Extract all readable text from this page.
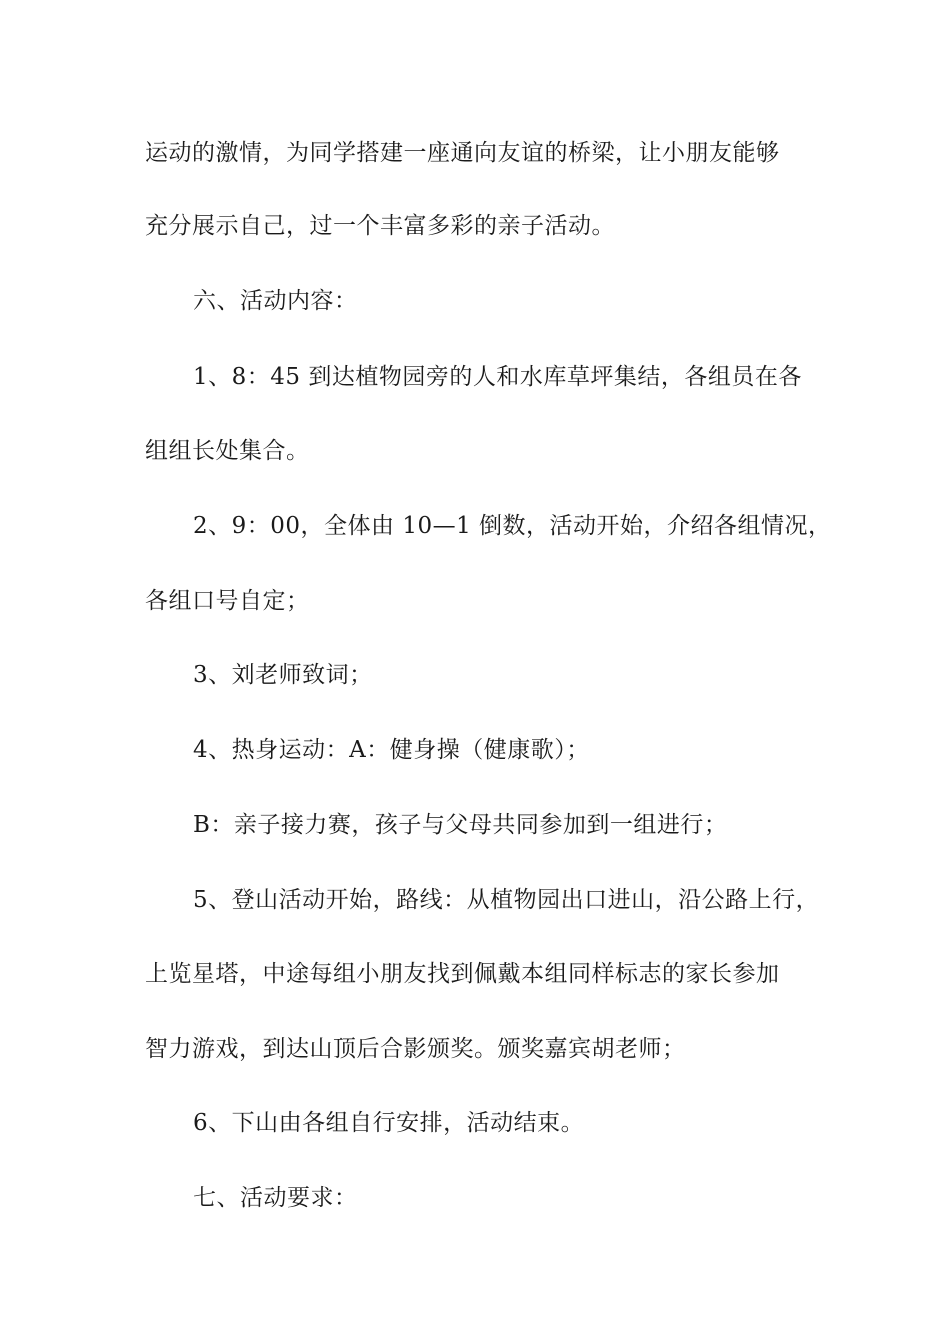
运动的激情，为同学搭建一座通向友谊的桥梁，让小朋友能够
充分展示自己，过一个丰富多彩的亲子活动。
六、活动内容：
1、8：45 到达植物园旁的人和水库草坪集结，各组员在各
组组长处集合。
2、9：00，全体由 10—1 倒数，活动开始，介绍各组情况，
各组口号自定；
3、刘老师致词；
4、热身运动：A：健身操（健康歌）；
B：亲子接力赛，孩子与父母共同参加到一组进行；
5、登山活动开始，路线：从植物园出口进山，沿公路上行，
上览星塔，中途每组小朋友找到佩戴本组同样标志的家长参加
智力游戏，到达山顶后合影颁奖。颁奖嘉宾胡老师；
6、下山由各组自行安排，活动结束。
七、活动要求：
